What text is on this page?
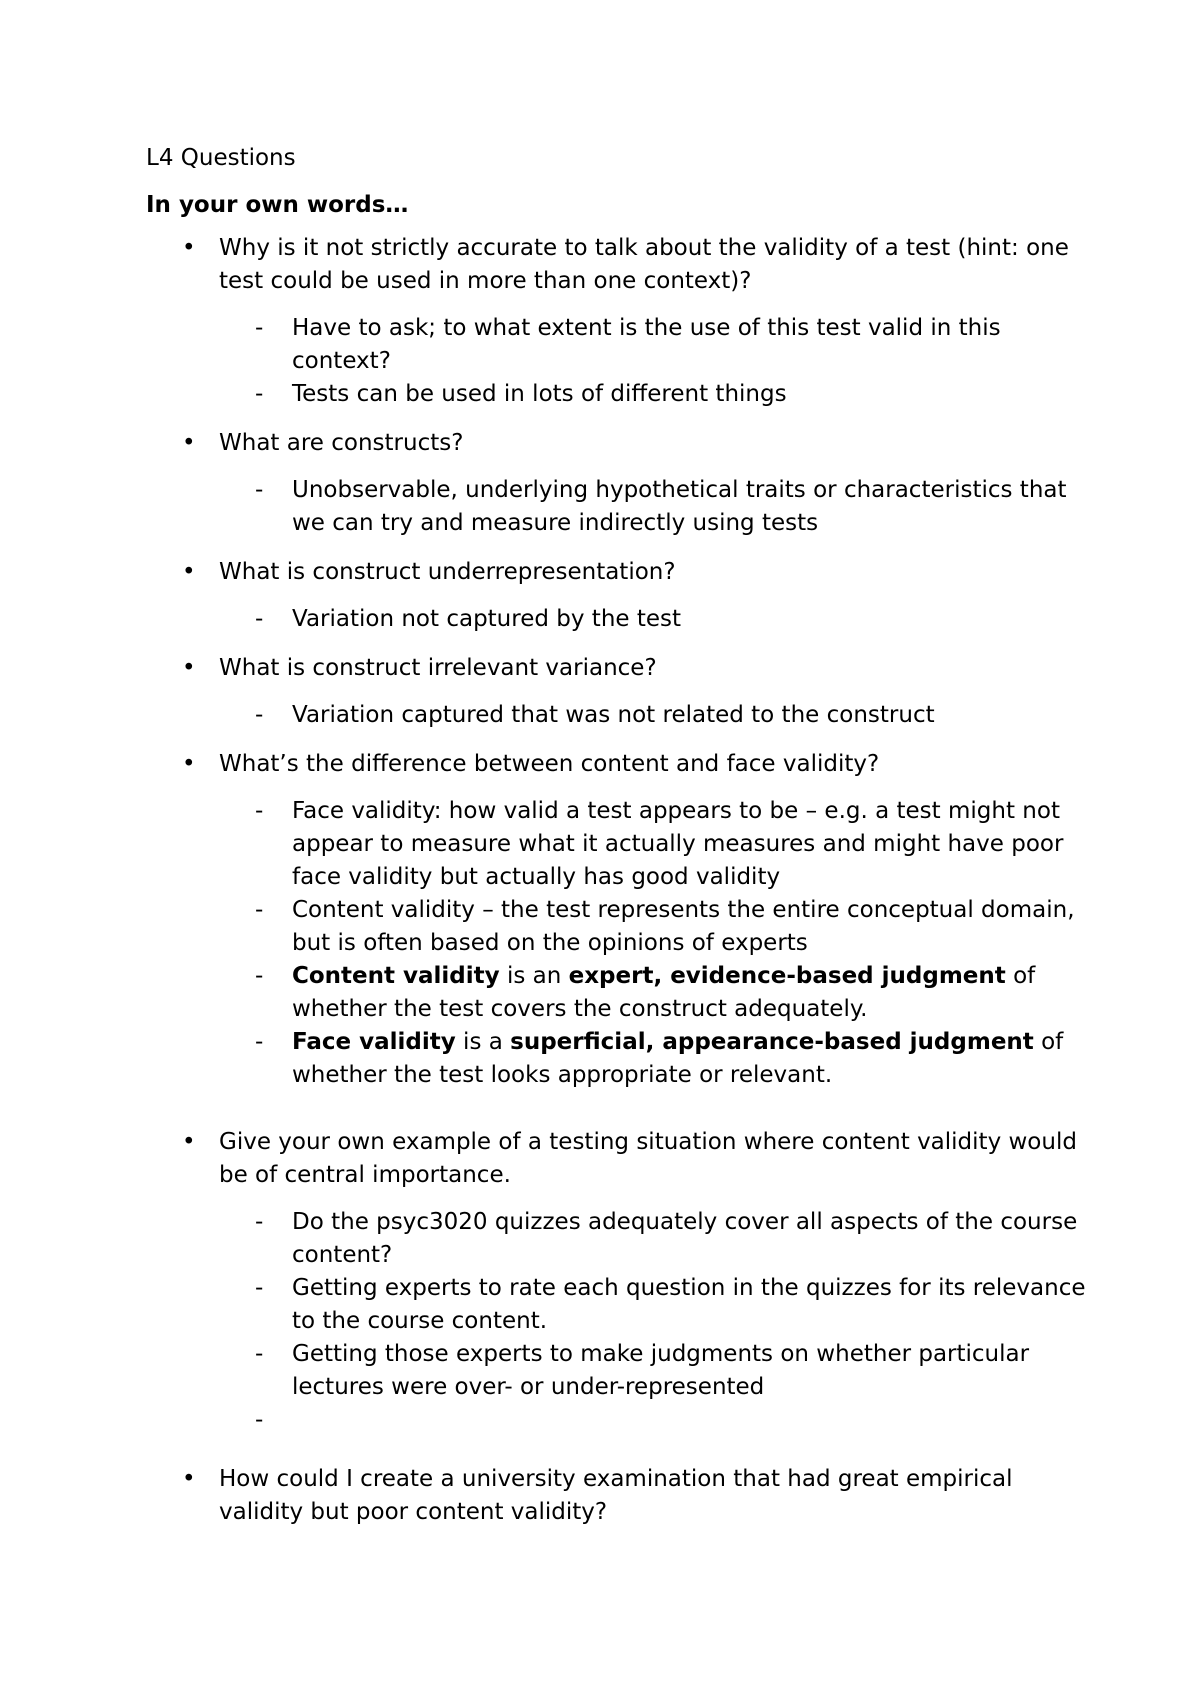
L4 Questions

In your own words…

• Why is it not strictly accurate to talk about the validity of a test (hint: one test could be used in more than one context)?
- Have to ask; to what extent is the use of this test valid in this context?
- Tests can be used in lots of different things
• What are constructs?
- Unobservable, underlying hypothetical traits or characteristics that we can try and measure indirectly using tests
• What is construct underrepresentation?
- Variation not captured by the test
• What is construct irrelevant variance?
- Variation captured that was not related to the construct
• What’s the difference between content and face validity?
- Face validity: how valid a test appears to be – e.g. a test might not appear to measure what it actually measures and might have poor face validity but actually has good validity
- Content validity – the test represents the entire conceptual domain, but is often based on the opinions of experts
- Content validity is an expert, evidence-based judgment of whether the test covers the construct adequately.
- Face validity is a superficial, appearance-based judgment of whether the test looks appropriate or relevant.
• Give your own example of a testing situation where content validity would be of central importance.
- Do the psyc3020 quizzes adequately cover all aspects of the course content?
- Getting experts to rate each question in the quizzes for its relevance to the course content.
- Getting those experts to make judgments on whether particular lectures were over- or under-represented
-
• How could I create a university examination that had great empirical validity but poor content validity?
